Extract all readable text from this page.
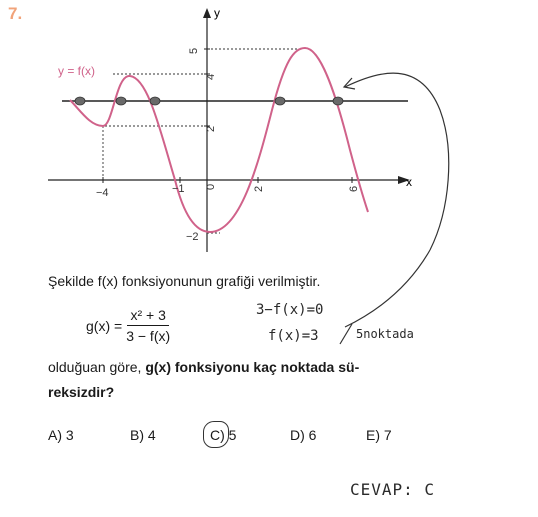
7.	y
x
y = f(x)
5
4
2
−2
−4	−1 0	2	6
Şekilde f(x) fonksiyonunun grafiği verilmiştir.
$g(x) = \frac{\text{x² + 3}}{3 - f(x)}$	3−f(x)=0
f(x)=3	5noktada
olduğuan göre, g(x) fonksiyonu kaç noktada sü-
reksizdir?
A) 3	B) 4	C) 5	D) 6	E) 7
CEVAP: C
